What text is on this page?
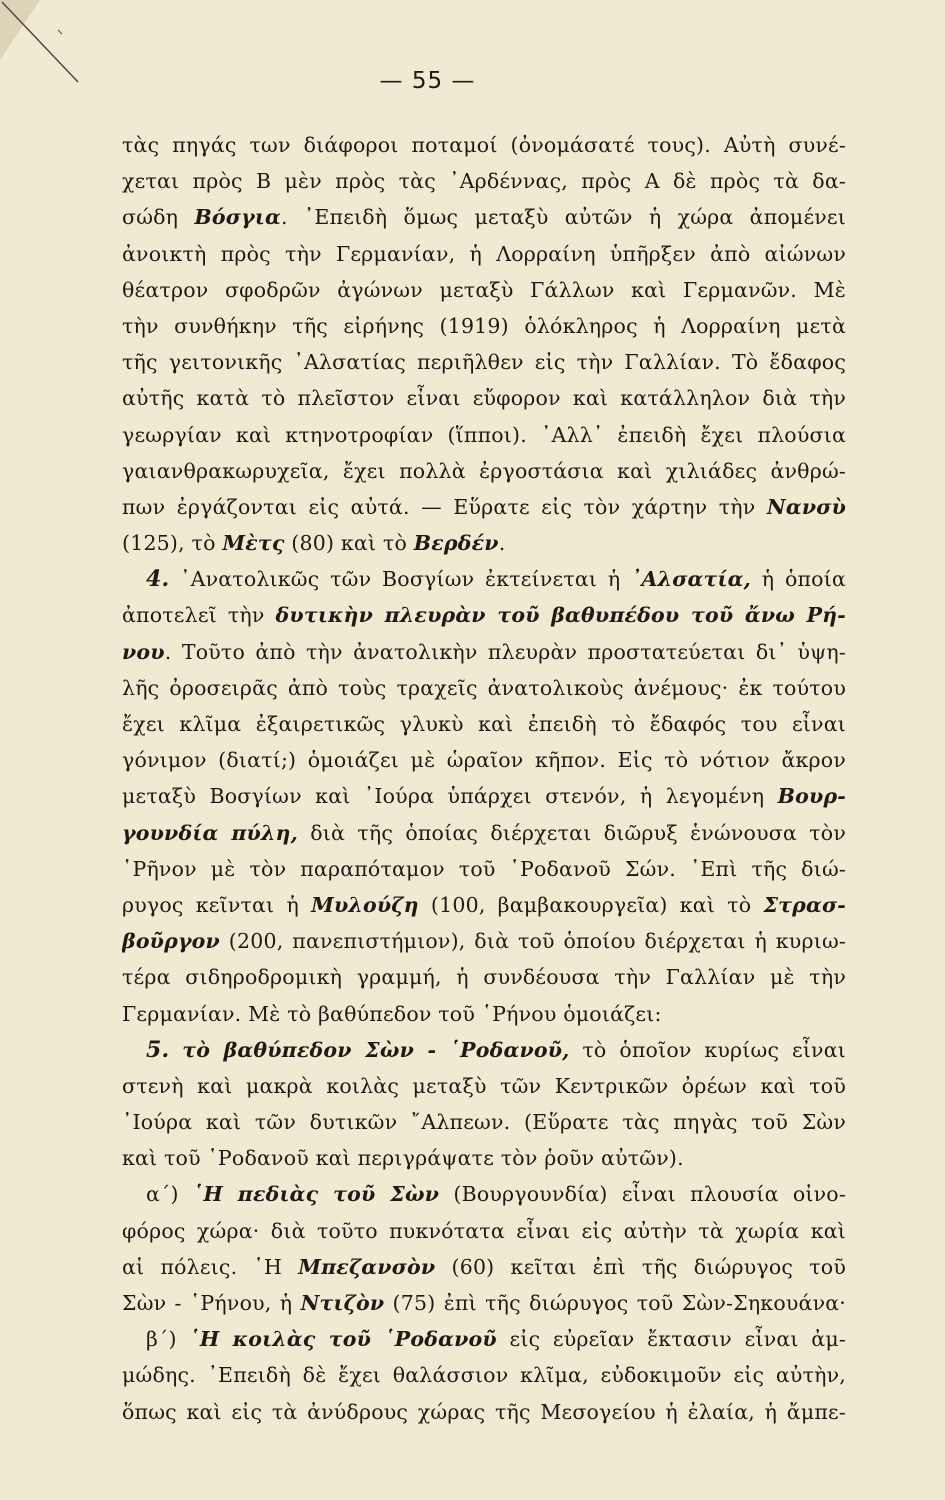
— 55 —
τὰς πηγάς των διάφοροι ποταμοί (ὀνομάσατέ τους). Αὐτὴ συνέ-
χεται πρὸς Β μὲν πρὸς τὰς ᾿Αρδέννας, πρὸς Α δὲ πρὸς τὰ δα-
σώδη Βόσγια. ᾿Επειδὴ ὅμως μεταξὺ αὐτῶν ἡ χώρα ἀπομένει
ἀνοικτὴ πρὸς τὴν Γερμανίαν, ἡ Λορραίνη ὑπῆρξεν ἀπὸ αἰώνων
θέατρον σφοδρῶν ἀγώνων μεταξὺ Γάλλων καὶ Γερμανῶν. Μὲ
τὴν συνθήκην τῆς εἰρήνης (1919) ὁλόκληρος ἡ Λορραίνη μετὰ
τῆς γειτονικῆς ᾿Αλσατίας περιῆλθεν εἰς τὴν Γαλλίαν. Τὸ ἔδαφος
αὐτῆς κατὰ τὸ πλεῖστον εἶναι εὔφορον καὶ κατάλληλον διὰ τὴν
γεωργίαν καὶ κτηνοτροφίαν (ἵπποι). ᾿Αλλ᾿ ἐπειδὴ ἔχει πλούσια
γαιανθρακωρυχεῖα, ἔχει πολλὰ ἐργοστάσια καὶ χιλιάδες ἀνθρώ-
πων ἐργάζονται εἰς αὐτά. — Εὕρατε εἰς τὸν χάρτην τὴν Νανσὺ
(125), τὸ Μὲτς (80) καὶ τὸ Βερδέν.
4. ᾿Ανατολικῶς τῶν Βοσγίων ἐκτείνεται ἡ ᾿Αλσατία, ἡ ὁποία
ἀποτελεῖ τὴν δυτικὴν πλευρὰν τοῦ βαθυπέδου τοῦ ἄνω Ρή-
νου. Τοῦτο ἀπὸ τὴν ἀνατολικὴν πλευρὰν προστατεύεται δι᾿ ὑψη-
λῆς ὀροσειρᾶς ἀπὸ τοὺς τραχεῖς ἀνατολικοὺς ἀνέμους· ἐκ τούτου
ἔχει κλῖμα ἐξαιρετικῶς γλυκὺ καὶ ἐπειδὴ τὸ ἔδαφός του εἶναι
γόνιμον (διατί;) ὁμοιάζει μὲ ὡραῖον κῆπον. Εἰς τὸ νότιον ἄκρον
μεταξὺ Βοσγίων καὶ ᾿Ιούρα ὑπάρχει στενόν, ἡ λεγομένη Βουρ-
γουνδία πύλη, διὰ τῆς ὁποίας διέρχεται διῶρυξ ἑνώνουσα τὸν
῾Ρῆνον μὲ τὸν παραπόταμον τοῦ ῾Ροδανοῦ Σών. ᾿Επὶ τῆς διώ-
ρυγος κεῖνται ἡ Μυλούζη (100, βαμβακουργεῖα) καὶ τὸ Στρασ-
βοῦργον (200, πανεπιστήμιον), διὰ τοῦ ὁποίου διέρχεται ἡ κυριω-
τέρα σιδηροδρομικὴ γραμμή, ἡ συνδέουσα τὴν Γαλλίαν μὲ τὴν
Γερμανίαν. Μὲ τὸ βαθύπεδον τοῦ ῾Ρήνου ὁμοιάζει:
5. τὸ βαθύπεδον Σὼν - ῾Ροδανοῦ, τὸ ὁποῖον κυρίως εἶναι
στενὴ καὶ μακρὰ κοιλὰς μεταξὺ τῶν Κεντρικῶν ὀρέων καὶ τοῦ
᾿Ιούρα καὶ τῶν δυτικῶν ῎Αλπεων. (Εὕρατε τὰς πηγὰς τοῦ Σὼν
καὶ τοῦ ῾Ροδανοῦ καὶ περιγράψατε τὸν ῥοῦν αὐτῶν).
α΄) ῾Η πεδιὰς τοῦ Σὼν (Βουργουνδία) εἶναι πλουσία οἰνο-
φόρος χώρα· διὰ τοῦτο πυκνότατα εἶναι εἰς αὐτὴν τὰ χωρία καὶ
αἱ πόλεις. ῾Η Μπεζανσὸν (60) κεῖται ἐπὶ τῆς διώρυγος τοῦ
Σὼν - ῾Ρήνου, ἡ Ντιζὸν (75) ἐπὶ τῆς διώρυγος τοῦ Σὼν-Σηκουάνα·
β΄) ῾Η κοιλὰς τοῦ ῾Ροδανοῦ εἰς εὐρεῖαν ἔκτασιν εἶναι ἀμ-
μώδης. ᾿Επειδὴ δὲ ἔχει θαλάσσιον κλῖμα, εὐδοκιμοῦν εἰς αὐτὴν,
ὅπως καὶ εἰς τὰ ἀνύδρους χώρας τῆς Μεσογείου ἡ ἐλαία, ἡ ἄμπε-
